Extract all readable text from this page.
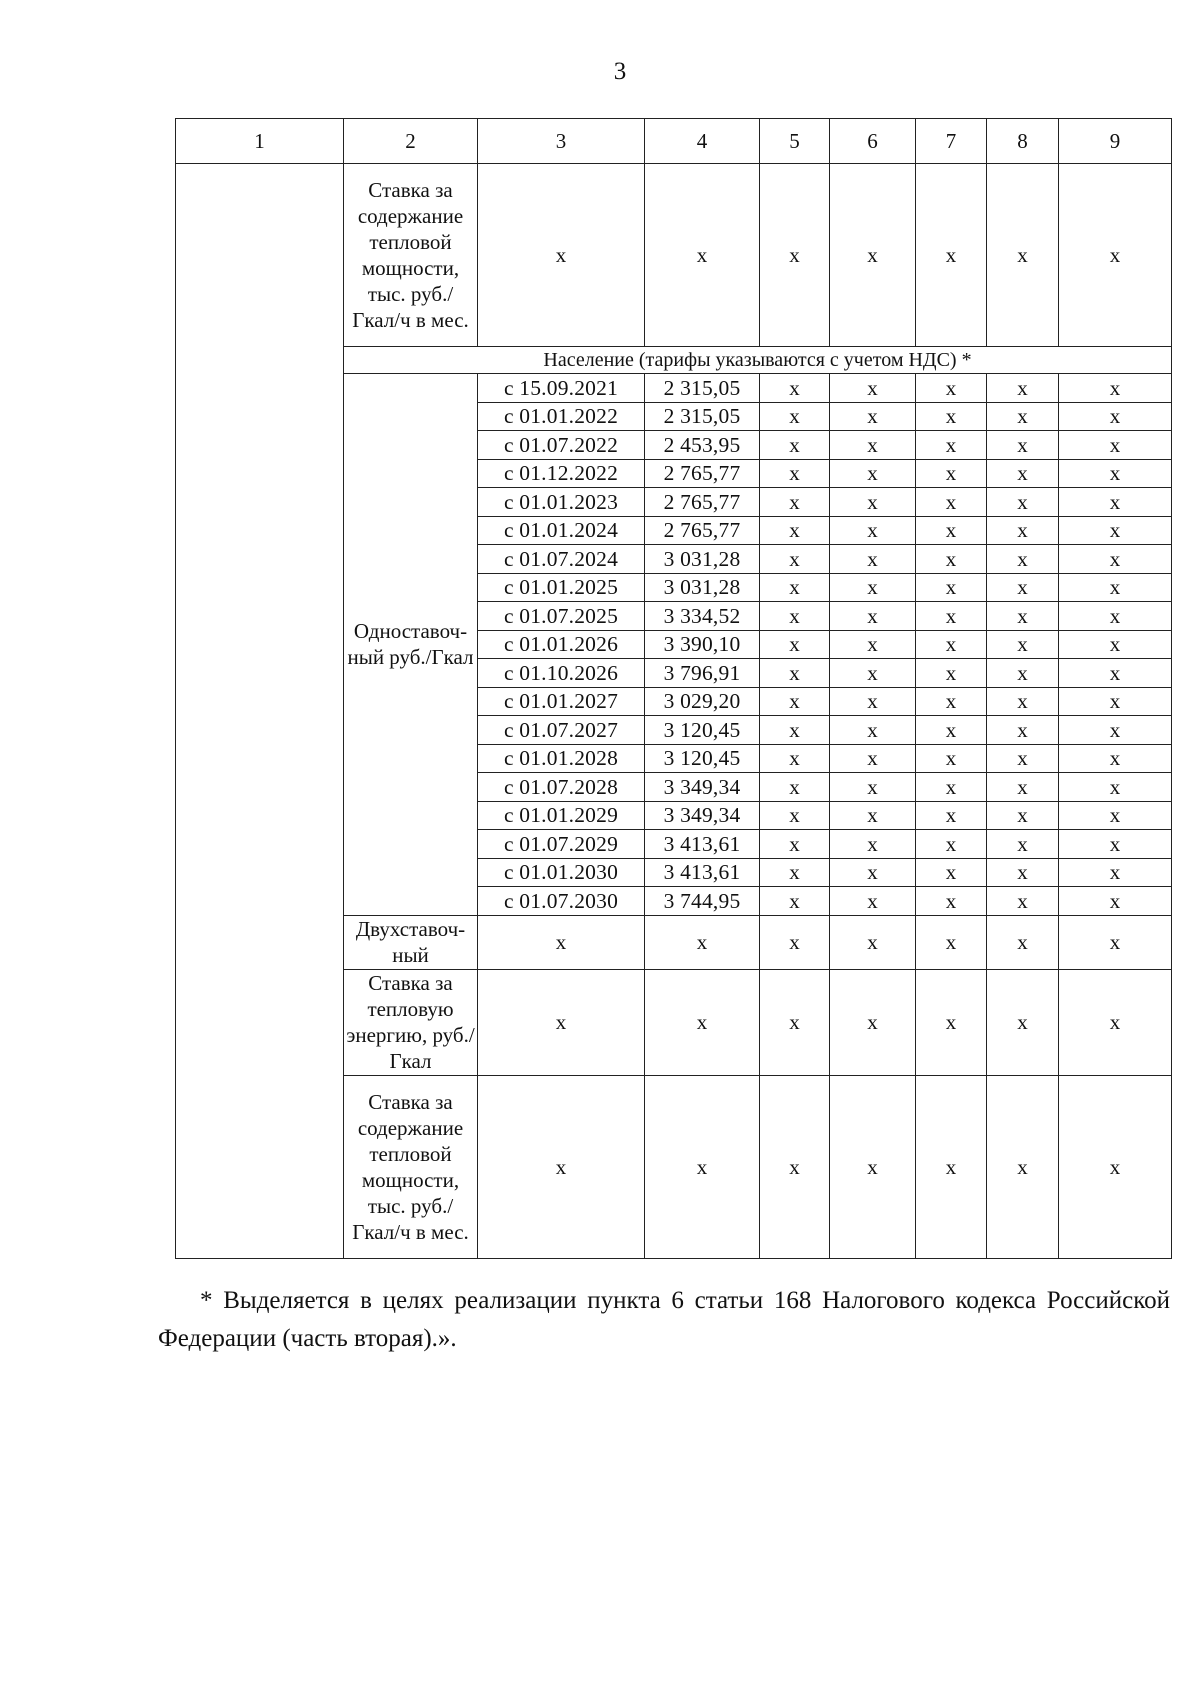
3
1	2	3	4	5	6	7	8	9
	Ставка за содержание тепловой мощности, тыс. руб./Гкал/ч в мес.	x	x	x	x	x	x	x
	Население (тарифы указываются с учетом НДС) *							
	Одноставоч-ный руб./Гкал	с 15.09.2021	2 315,05	x	x	x	x	x
		с 01.01.2022	2 315,05	x	x	x	x	x
		с 01.07.2022	2 453,95	x	x	x	x	x
		с 01.12.2022	2 765,77	x	x	x	x	x
		с 01.01.2023	2 765,77	x	x	x	x	x
		с 01.01.2024	2 765,77	x	x	x	x	x
		с 01.07.2024	3 031,28	x	x	x	x	x
		с 01.01.2025	3 031,28	x	x	x	x	x
		с 01.07.2025	3 334,52	x	x	x	x	x
		с 01.01.2026	3 390,10	x	x	x	x	x
		с 01.10.2026	3 796,91	x	x	x	x	x
		с 01.01.2027	3 029,20	x	x	x	x	x
		с 01.07.2027	3 120,45	x	x	x	x	x
		с 01.01.2028	3 120,45	x	x	x	x	x
		с 01.07.2028	3 349,34	x	x	x	x	x
		с 01.01.2029	3 349,34	x	x	x	x	x
		с 01.07.2029	3 413,61	x	x	x	x	x
		с 01.01.2030	3 413,61	x	x	x	x	x
		с 01.07.2030	3 744,95	x	x	x	x	x
	Двухставоч-ный	x	x	x	x	x	x	x
	Ставка за тепловую энергию, руб./Гкал	x	x	x	x	x	x	x
	Ставка за содержание тепловой мощности, тыс. руб./Гкал/ч в мес.	x	x	x	x	x	x	x
* Выделяется в целях реализации пункта 6 статьи 168 Налогового кодекса Российской Федерации (часть вторая).».
